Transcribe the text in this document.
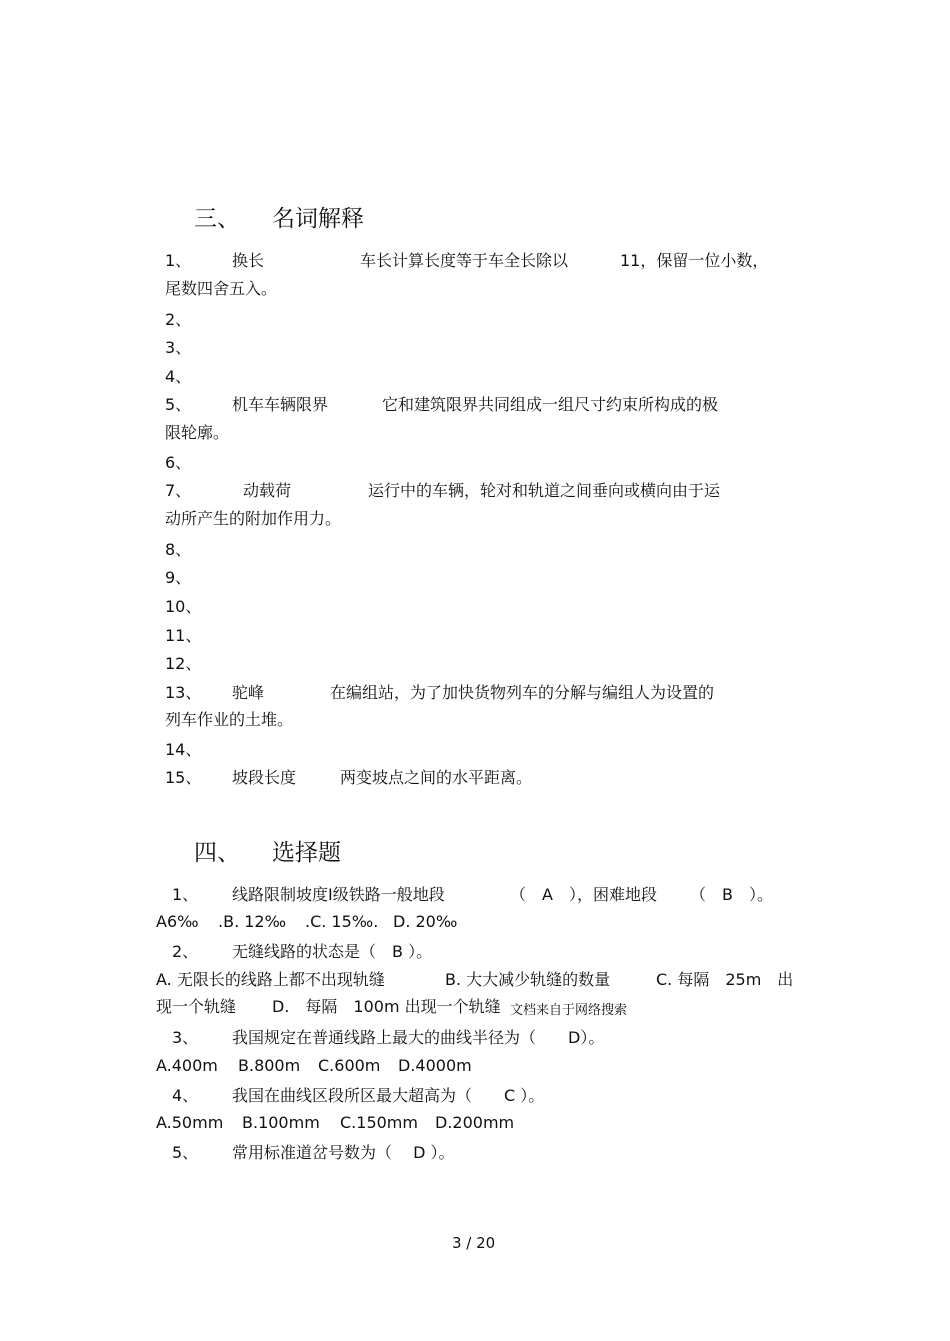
三、 名词解释
1、	换长	车长计算长度等于车全长除以	11，保留一位小数，
尾数四舍五入。
2、
3、
4、
5、	机车车辆限界	它和建筑限界共同组成一组尺寸约束所构成的极
限轮廓。
6、
7、	动载荷	运行中的车辆，轮对和轨道之间垂向或横向由于运
动所产生的附加作用力。
8、
9、
10、
11、
12、
13、 驼峰	在编组站，为了加快货物列车的分解与编组人为设置的
列车作业的土堆。
14、
15、 坡段长度	两变坡点之间的水平距离。
四、 选择题
1、 线路限制坡度Ⅰ级铁路一般地段	（　A　），困难地段 （　B　）。
A6‰ .B. 12‰ .C. 15‰. D. 20‰
2、 无缝线路的状态是（　B ）。
A. 无限长的线路上都不出现轨缝	B. 大大减少轨缝的数量	C. 每隔　25m　出
现一个轨缝 D.　每隔　100m 出现一个轨缝 文档来自于网络搜索
3、 我国规定在普通线路上最大的曲线半径为（　　D）。
A.400m B.800m C.600m D.4000m
4、 我国在曲线区段所区最大超高为（　　C ）。
A.50mm B.100mm C.150mm D.200mm
5、 常用标准道岔号数为（　 D ）。
3 / 20
